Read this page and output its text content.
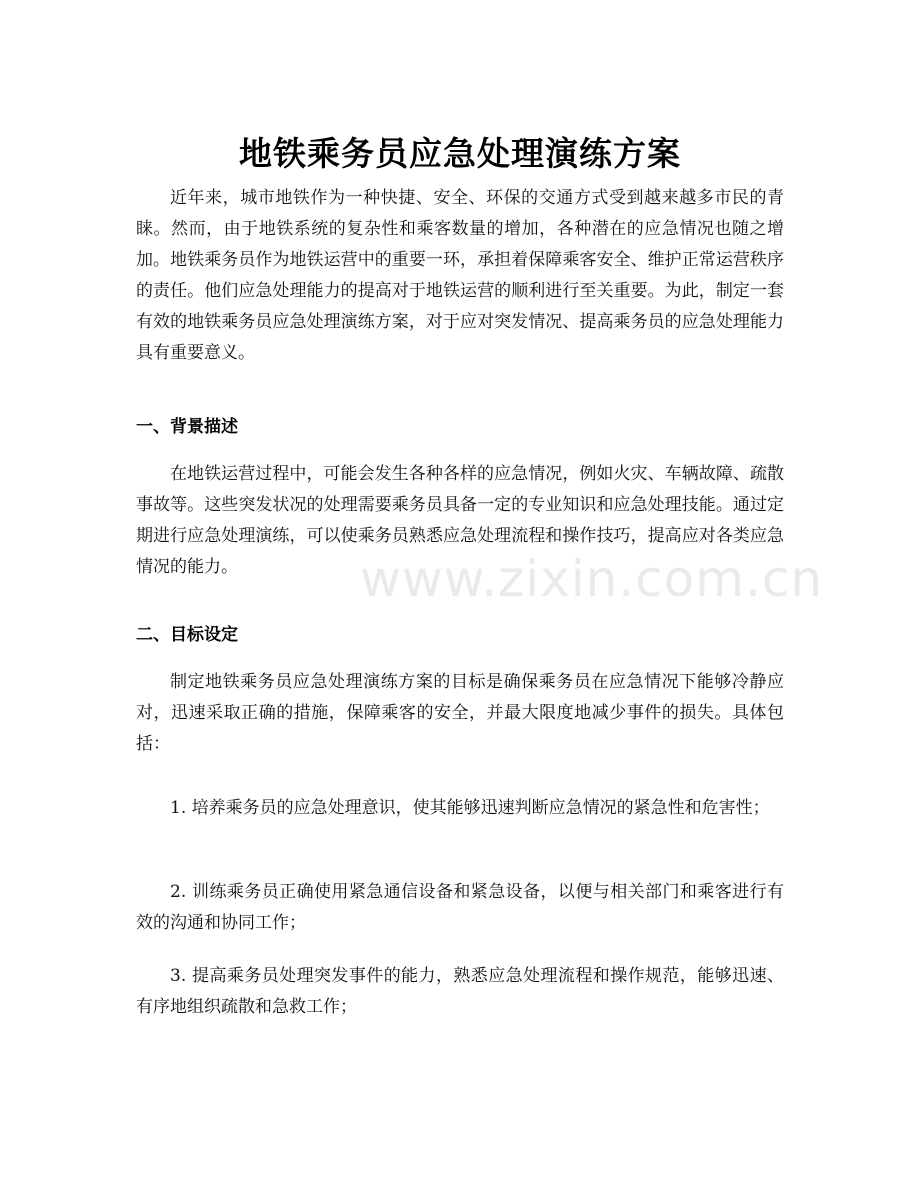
地铁乘务员应急处理演练方案

近年来，城市地铁作为一种快捷、安全、环保的交通方式受到越来越多市民的青睐。然而，由于地铁系统的复杂性和乘客数量的增加，各种潜在的应急情况也随之增加。地铁乘务员作为地铁运营中的重要一环，承担着保障乘客安全、维护正常运营秩序的责任。他们应急处理能力的提高对于地铁运营的顺利进行至关重要。为此，制定一套有效的地铁乘务员应急处理演练方案，对于应对突发情况、提高乘务员的应急处理能力具有重要意义。

一、背景描述

在地铁运营过程中，可能会发生各种各样的应急情况，例如火灾、车辆故障、疏散事故等。这些突发状况的处理需要乘务员具备一定的专业知识和应急处理技能。通过定期进行应急处理演练，可以使乘务员熟悉应急处理流程和操作技巧，提高应对各类应急情况的能力。

二、目标设定

制定地铁乘务员应急处理演练方案的目标是确保乘务员在应急情况下能够冷静应对，迅速采取正确的措施，保障乘客的安全，并最大限度地减少事件的损失。具体包括：

1. 培养乘务员的应急处理意识，使其能够迅速判断应急情况的紧急性和危害性；

2. 训练乘务员正确使用紧急通信设备和紧急设备，以便与相关部门和乘客进行有效的沟通和协同工作；

3. 提高乘务员处理突发事件的能力，熟悉应急处理流程和操作规范，能够迅速、有序地组织疏散和急救工作；

www.zixin.com.cn
